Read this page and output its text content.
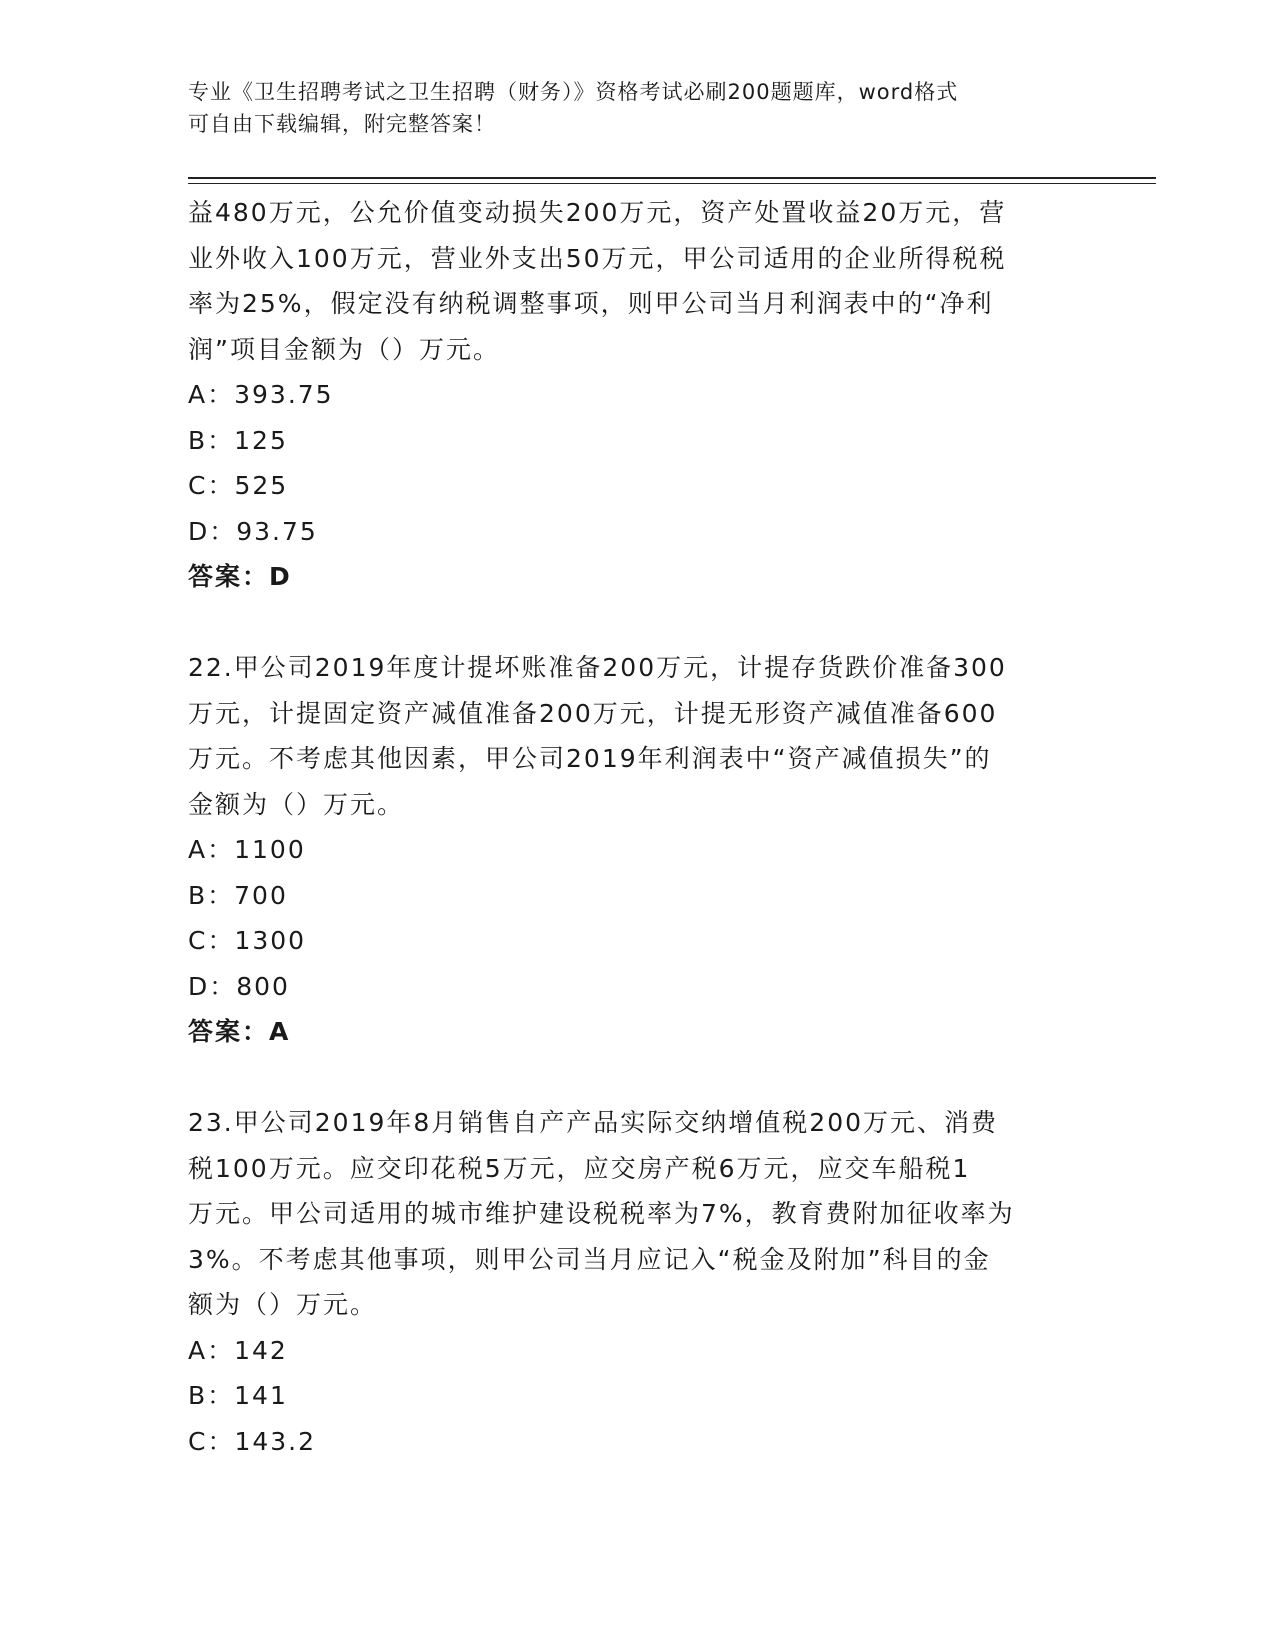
专业《卫生招聘考试之卫生招聘（财务）》资格考试必刷200题题库，word格式
可自由下载编辑，附完整答案！

益480万元，公允价值变动损失200万元，资产处置收益20万元，营

业外收入100万元，营业外支出50万元，甲公司适用的企业所得税税

率为25%，假定没有纳税调整事项，则甲公司当月利润表中的“净利

润”项目金额为（）万元。

A：393.75

B：125

C：525

D：93.75

答案：D

22.甲公司2019年度计提坏账准备200万元，计提存货跌价准备300

万元，计提固定资产减值准备200万元，计提无形资产减值准备600

万元。不考虑其他因素，甲公司2019年利润表中“资产减值损失”的

金额为（）万元。

A：1100

B：700

C：1300

D：800

答案：A

23.甲公司2019年8月销售自产产品实际交纳增值税200万元、消费

税100万元。应交印花税5万元，应交房产税6万元，应交车船税1

万元。甲公司适用的城市维护建设税税率为7%，教育费附加征收率为

3%。不考虑其他事项，则甲公司当月应记入“税金及附加”科目的金

额为（）万元。

A：142

B：141

C：143.2
